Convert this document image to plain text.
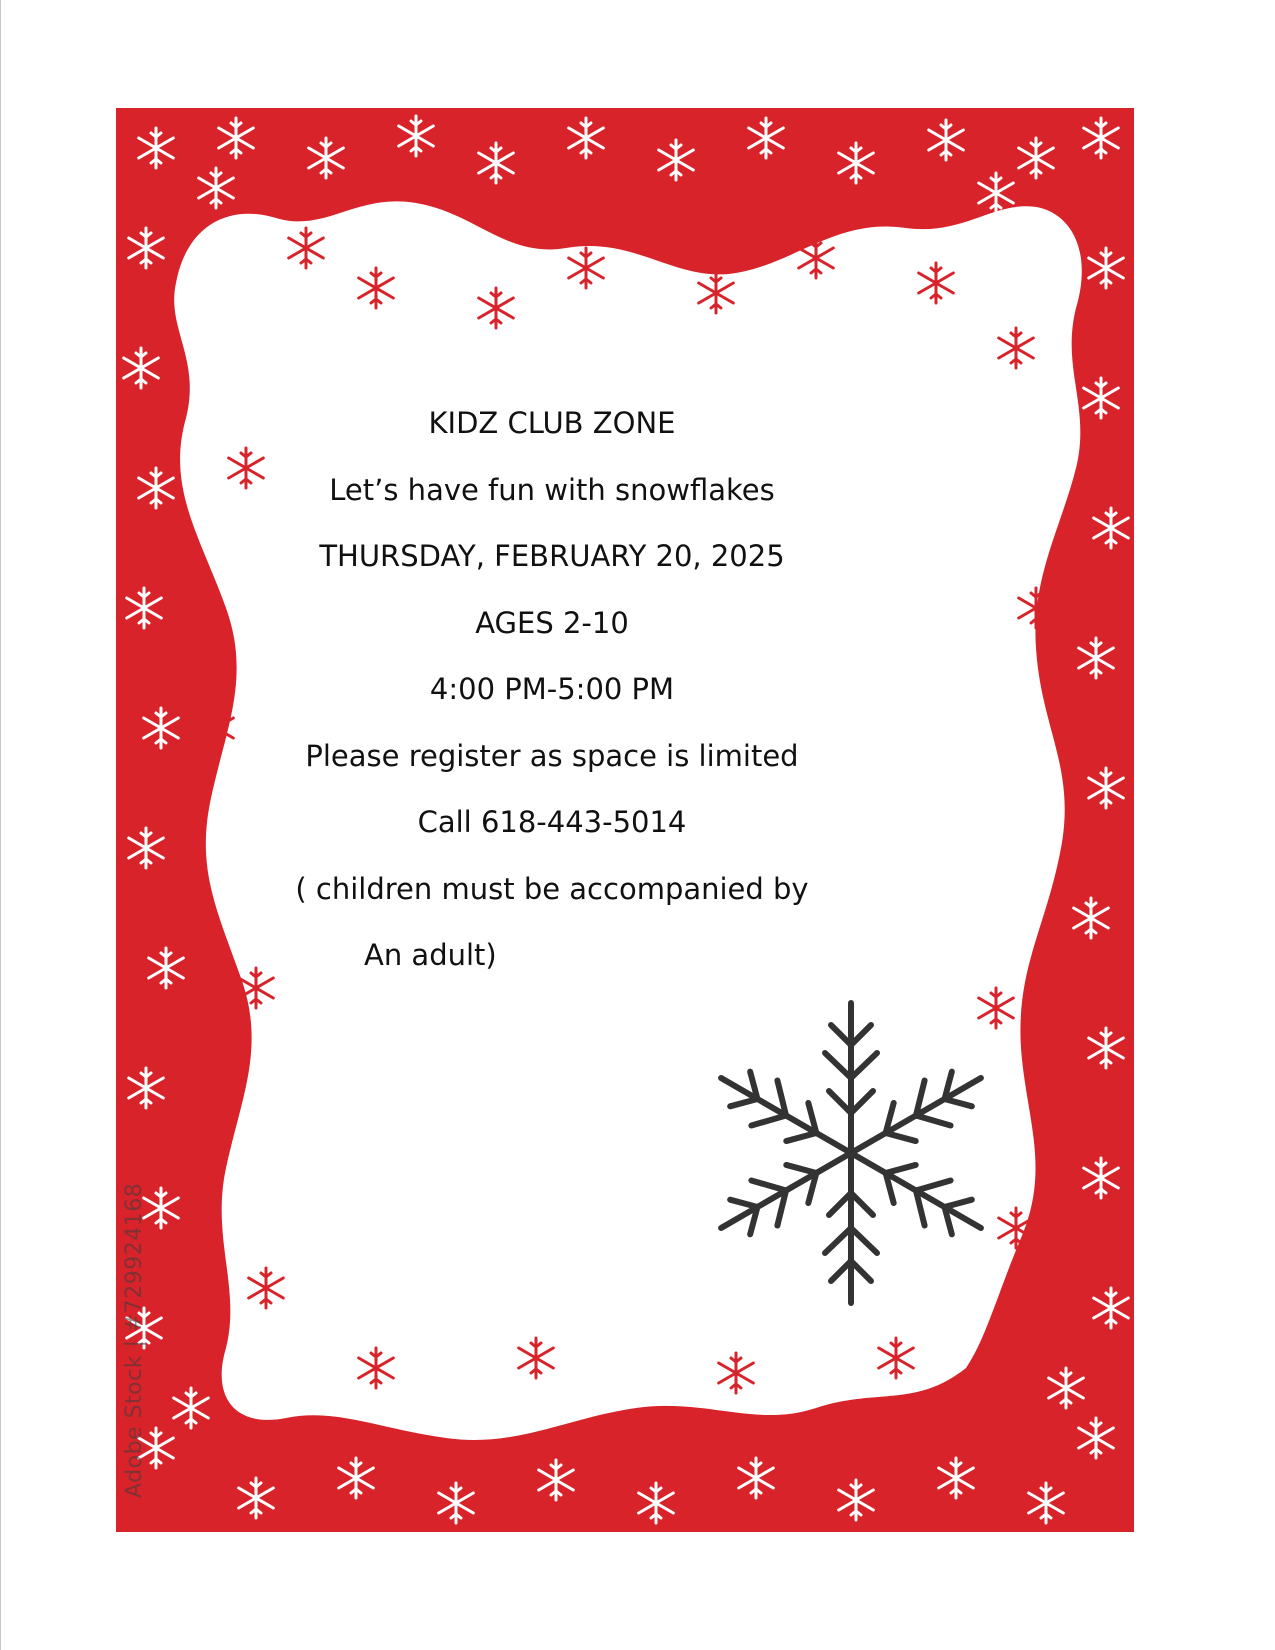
KIDZ CLUB ZONE
Let’s have fun with snowflakes
THURSDAY, FEBRUARY 20, 2025
AGES 2-10
4:00 PM-5:00 PM
Please register as space is limited
Call 618-443-5014
( children must be accompanied by
An adult)
Adobe Stock | #729924168
